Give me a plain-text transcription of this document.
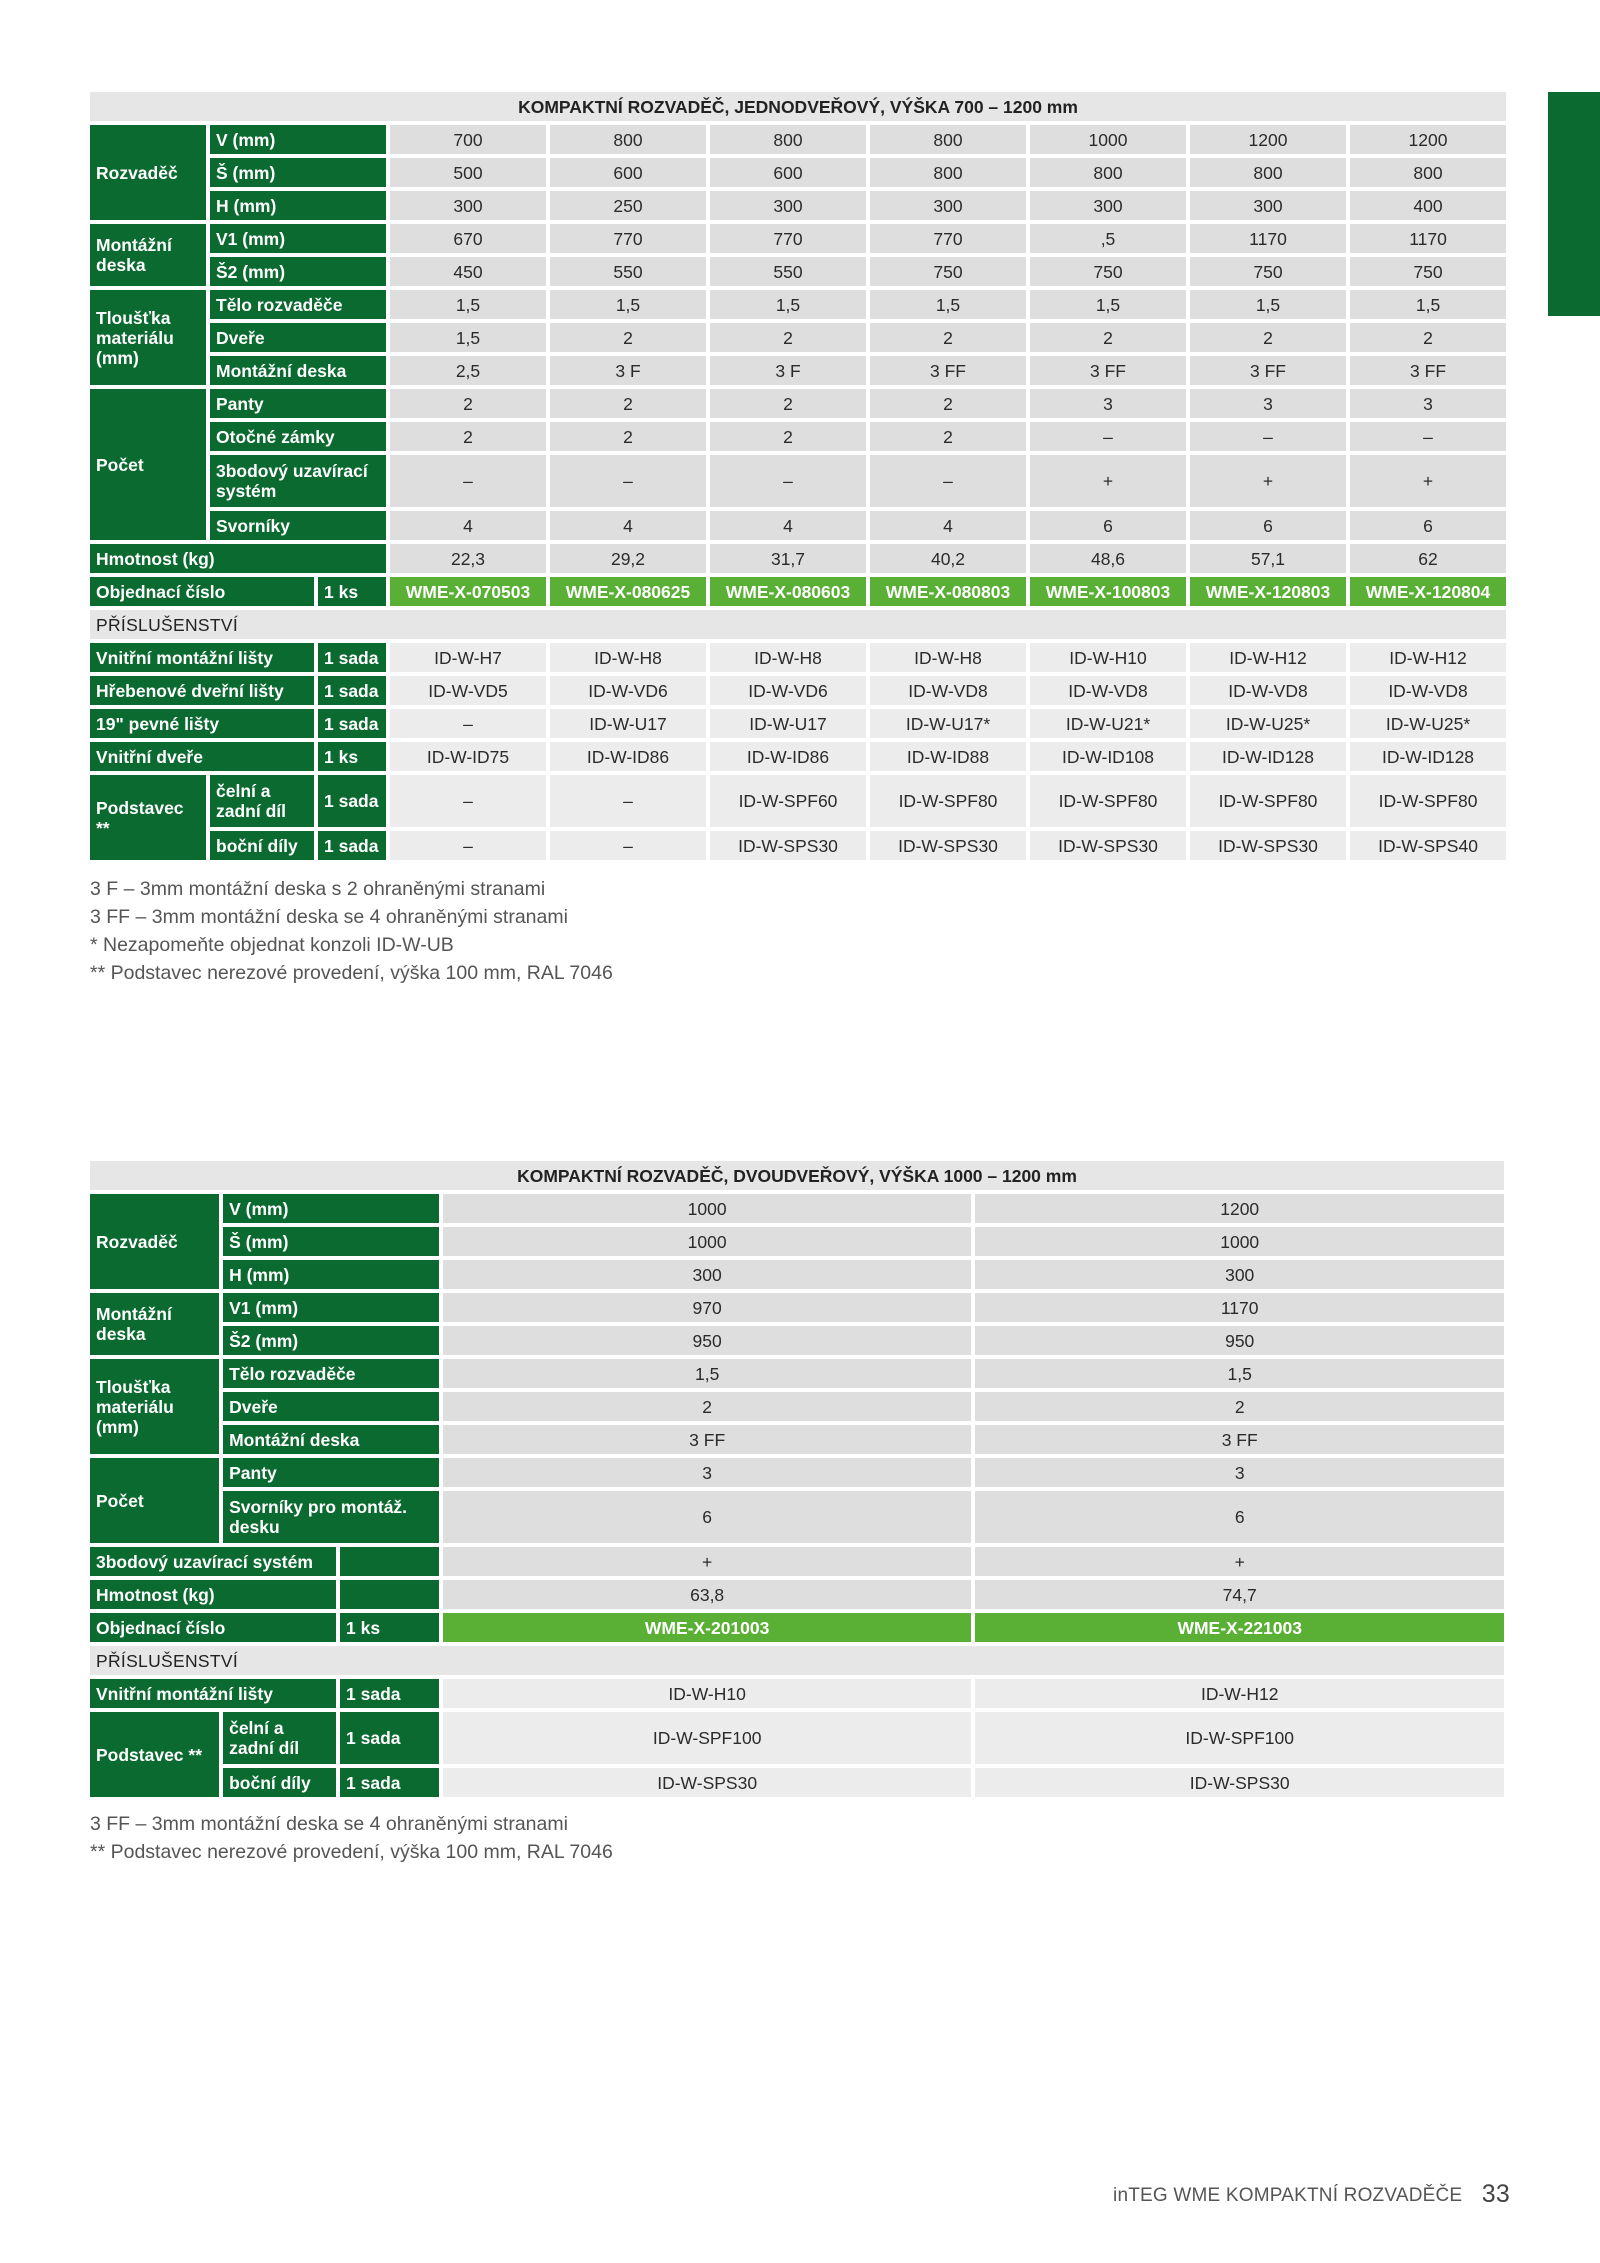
KOMPAKTNÍ ROZVADĚČ, JEDNODVEŘOVÝ, VÝŠKA 700 – 1200 mm									
Rozvaděč	V (mm)		700	800	800	800	1000	1200	1200
	Š (mm)		500	600	600	800	800	800	800
	H (mm)		300	250	300	300	300	300	400
Montážní deska	V1 (mm)		670	770	770	770	,5	1170	1170
	Š2 (mm)		450	550	550	750	750	750	750
Tloušťka materiálu (mm)	Tělo rozvaděče		1,5	1,5	1,5	1,5	1,5	1,5	1,5
	Dveře		1,5	2	2	2	2	2	2
	Montážní deska		2,5	3 F	3 F	3 FF	3 FF	3 FF	3 FF
Počet	Panty		2	2	2	2	3	3	3
	Otočné zámky		2	2	2	2	–	–	–
	3bodový uzavírací systém		–	–	–	–	+	+	+
	Svorníky		4	4	4	4	6	6	6
Hmotnost (kg)			22,3	29,2	31,7	40,2	48,6	57,1	62
Objednací číslo		1 ks	WME-X-070503	WME-X-080625	WME-X-080603	WME-X-080803	WME-X-100803	WME-X-120803	WME-X-120804
PŘÍSLUŠENSTVÍ									
Vnitřní montážní lišty		1 sada	ID-W-H7	ID-W-H8	ID-W-H8	ID-W-H8	ID-W-H10	ID-W-H12	ID-W-H12
Hřebenové dveřní lišty		1 sada	ID-W-VD5	ID-W-VD6	ID-W-VD6	ID-W-VD8	ID-W-VD8	ID-W-VD8	ID-W-VD8
19" pevné lišty		1 sada	–	ID-W-U17	ID-W-U17	ID-W-U17*	ID-W-U21*	ID-W-U25*	ID-W-U25*
Vnitřní dveře		1 ks	ID-W-ID75	ID-W-ID86	ID-W-ID86	ID-W-ID88	ID-W-ID108	ID-W-ID128	ID-W-ID128
Podstavec **	čelní a zadní díl	1 sada	–	–	ID-W-SPF60	ID-W-SPF80	ID-W-SPF80	ID-W-SPF80	ID-W-SPF80
	boční díly	1 sada	–	–	ID-W-SPS30	ID-W-SPS30	ID-W-SPS30	ID-W-SPS30	ID-W-SPS40
3 F – 3mm montážní deska s 2 ohraněnými stranami
3 FF – 3mm montážní deska se 4 ohraněnými stranami
* Nezapomeňte objednat konzoli ID-W-UB
** Podstavec nerezové provedení, výška 100 mm, RAL 7046
KOMPAKTNÍ ROZVADĚČ, DVOUDVEŘOVÝ, VÝŠKA 1000 – 1200 mm				
Rozvaděč	V (mm)		1000	1200
	Š (mm)		1000	1000
	H (mm)		300	300
Montážní deska	V1 (mm)		970	1170
	Š2 (mm)		950	950
Tloušťka materiálu (mm)	Tělo rozvaděče		1,5	1,5
	Dveře		2	2
	Montážní deska		3 FF	3 FF
Počet	Panty		3	3
	Svorníky pro montáž. desku		6	6
3bodový uzavírací systém			+	+
Hmotnost (kg)			63,8	74,7
Objednací číslo		1 ks	WME-X-201003	WME-X-221003
PŘÍSLUŠENSTVÍ				
Vnitřní montážní lišty		1 sada	ID-W-H10	ID-W-H12
Podstavec **	čelní a zadní díl	1 sada	ID-W-SPF100	ID-W-SPF100
	boční díly	1 sada	ID-W-SPS30	ID-W-SPS30
3 FF – 3mm montážní deska se 4 ohraněnými stranami
** Podstavec nerezové provedení, výška 100 mm, RAL 7046
inTEG WME KOMPAKTNÍ ROZVADĚČE 33
